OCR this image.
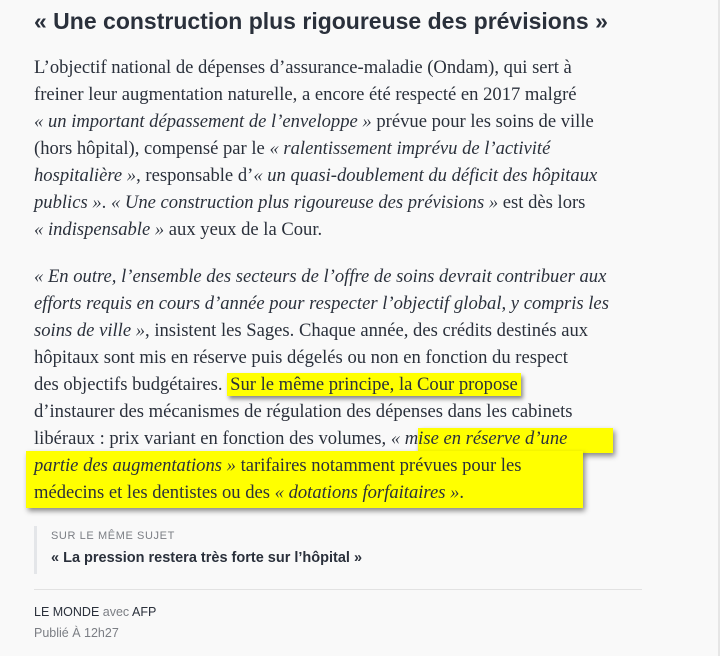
« Une construction plus rigoureuse des prévisions »
L’objectif national de dépenses d’assurance-maladie (Ondam), qui sert à
freiner leur augmentation naturelle, a encore été respecté en 2017 malgré
« un important dépassement de l’enveloppe » prévue pour les soins de ville
(hors hôpital), compensé par le « ralentissement imprévu de l’activité
hospitalière », responsable d’« un quasi-doublement du déficit des hôpitaux
publics ». « Une construction plus rigoureuse des prévisions » est dès lors
« indispensable » aux yeux de la Cour.
« En outre, l’ensemble des secteurs de l’offre de soins devrait contribuer aux
efforts requis en cours d’année pour respecter l’objectif global, y compris les
soins de ville », insistent les Sages. Chaque année, des crédits destinés aux
hôpitaux sont mis en réserve puis dégelés ou non en fonction du respect
des objectifs budgétaires. Sur le même principe, la Cour propose
d’instaurer des mécanismes de régulation des dépenses dans les cabinets
libéraux : prix variant en fonction des volumes, « mise en réserve d’une
partie des augmentations » tarifaires notamment prévues pour les
médecins et les dentistes ou des « dotations forfaitaires ».
SUR LE MÊME SUJET
« La pression restera très forte sur l’hôpital »
LE MONDE avec AFP
Publié À 12h27
